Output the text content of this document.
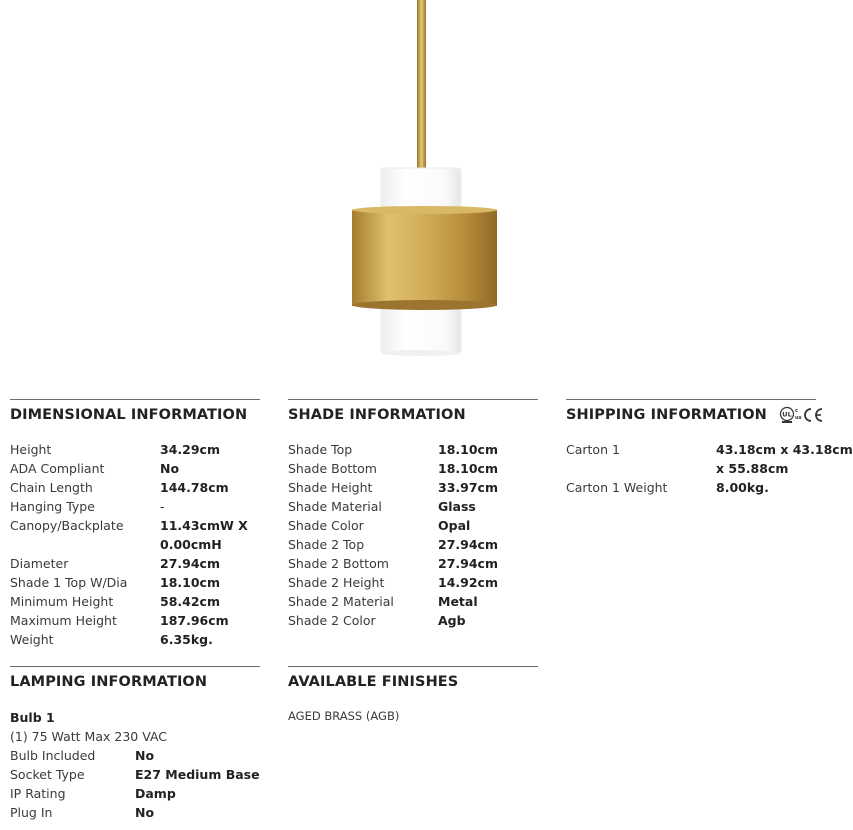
DIMENSIONAL INFORMATION
Height	34.29cm
ADA Compliant	No
Chain Length	144.78cm
Hanging Type	-
Canopy/Backplate	11.43cmW X
0.00cmH
Diameter	27.94cm
Shade 1 Top W/Dia	18.10cm
Minimum Height	58.42cm
Maximum Height	187.96cm
Weight	6.35kg.
SHADE INFORMATION
Shade Top	18.10cm
Shade Bottom	18.10cm
Shade Height	33.97cm
Shade Material	Glass
Shade Color	Opal
Shade 2 Top	27.94cm
Shade 2 Bottom	27.94cm
Shade 2 Height	14.92cm
Shade 2 Material	Metal
Shade 2 Color	Agb
SHIPPING INFORMATION UL c
us
Carton 1	43.18cm x 43.18cm
x 55.88cm
Carton 1 Weight	8.00kg.
LAMPING INFORMATION
Bulb 1
(1) 75 Watt Max 230 VAC
Bulb Included	No
Socket Type	E27 Medium Base
IP Rating	Damp
Plug In	No
AVAILABLE FINISHES
AGED BRASS (AGB)
